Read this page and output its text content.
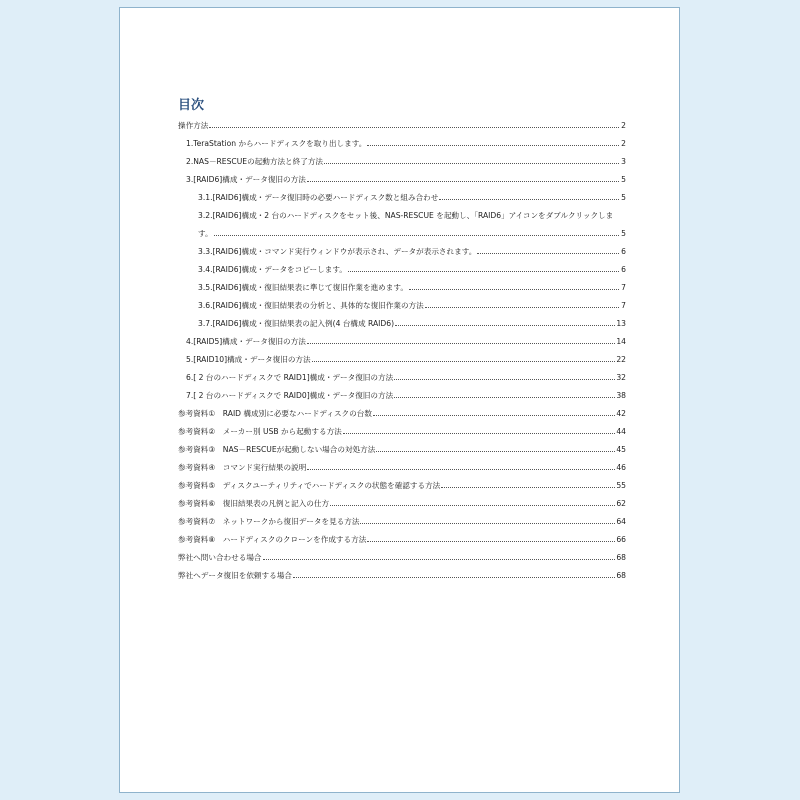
目次
操作方法	2
1.TeraStation からハードディスクを取り出します。	2
2.NAS－RESCUEの起動方法と終了方法	3
3.[RAID6]構成・データ復旧の方法	5
3.1.[RAID6]構成・データ復旧時の必要ハードディスク数と組み合わせ	5
3.2.[RAID6]構成・2 台のハードディスクをセット後、NAS-RESCUE を起動し、「RAID6」アイコンをダブルクリックしま
す。	5
3.3.[RAID6]構成・コマンド実行ウィンドウが表示され、データが表示されます。	6
3.4.[RAID6]構成・データをコピーします。	6
3.5.[RAID6]構成・復旧結果表に準じて復旧作業を進めます。	7
3.6.[RAID6]構成・復旧結果表の分析と、具体的な復旧作業の方法	7
3.7.[RAID6]構成・復旧結果表の記入例(4 台構成 RAID6)	13
4.[RAID5]構成・データ復旧の方法	14
5.[RAID10]構成・データ復旧の方法	22
6.[ 2 台のハードディスクで RAID1]構成・データ復旧の方法	32
7.[ 2 台のハードディスクで RAID0]構成・データ復旧の方法	38
参考資料①　RAID 構成別に必要なハードディスクの台数	42
参考資料②　メーカー別 USB から起動する方法	44
参考資料③　NAS－RESCUEが起動しない場合の対処方法	45
参考資料④　コマンド実行結果の説明	46
参考資料⑤　ディスクユーティリティでハードディスクの状態を確認する方法	55
参考資料⑥　復旧結果表の凡例と記入の仕方	62
参考資料⑦　ネットワークから復旧データを見る方法	64
参考資料⑧　ハードディスクのクローンを作成する方法	66
弊社へ問い合わせる場合	68
弊社へデータ復旧を依頼する場合	68
